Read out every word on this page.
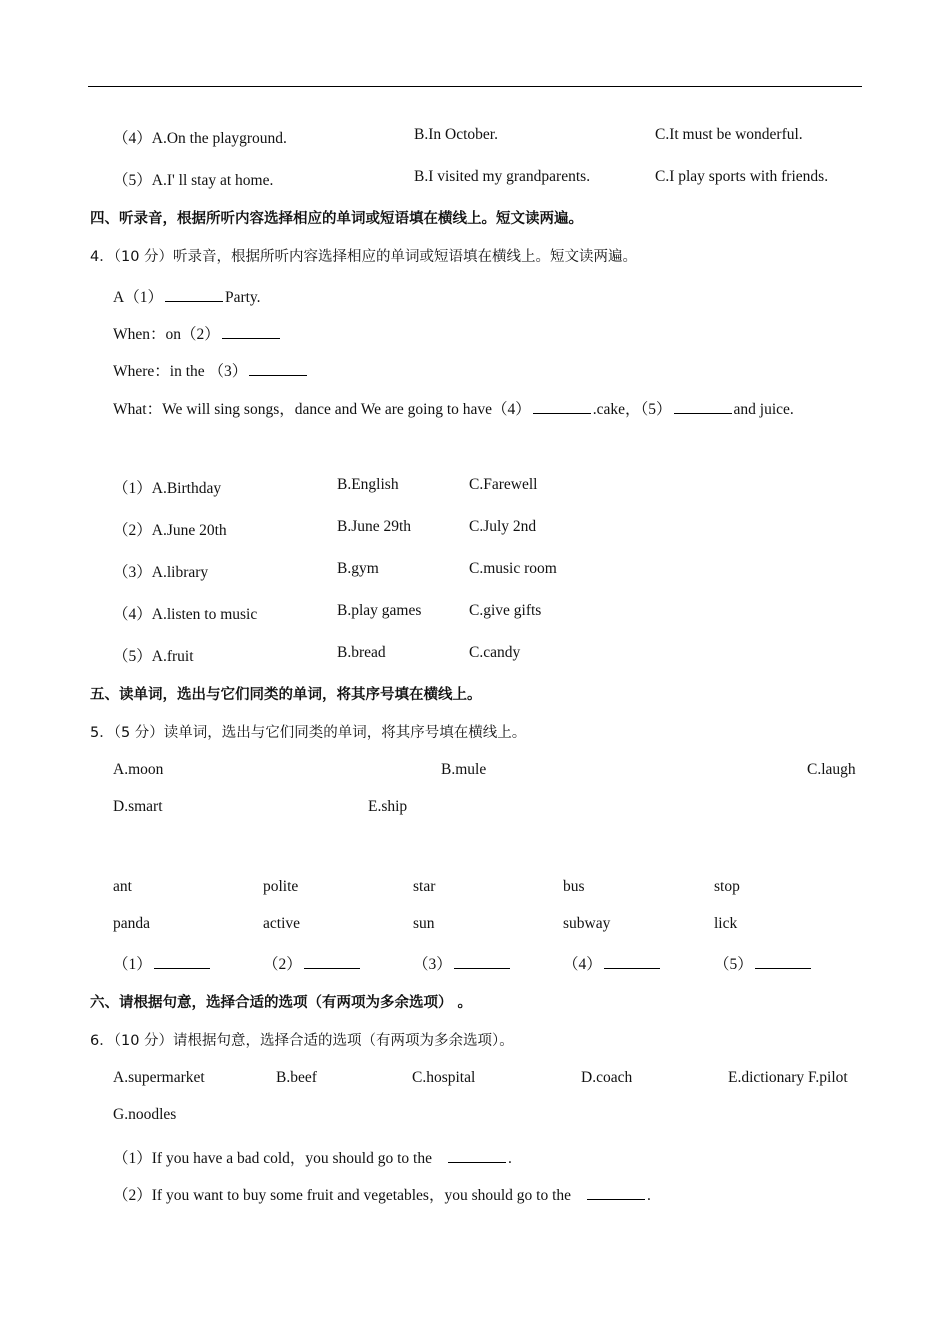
（4）A.On the playground.	B.In October.	C.It must be wonderful.
（5）A.I' ll stay at home.	B.I visited my grandparents.	C.I play sports with friends.
四、听录音，根据所听内容选择相应的单词或短语填在横线上。短文读两遍。
4．（10 分）听录音，根据所听内容选择相应的单词或短语填在横线上。短文读两遍。
A（1）	Party.
When：on（2）
Where：in the （3）
What：We will sing songs，dance and We are going to have（4）	.cake，（5）	and juice.
（1）A.Birthday	B.English	C.Farewell
（2）A.June 20th	B.June 29th	C.July 2nd
（3）A.library	B.gym	C.music room
（4）A.listen to music	B.play games	C.give gifts
（5）A.fruit	B.bread	C.candy
五、读单词，选出与它们同类的单词，将其序号填在横线上。
5．（5 分）读单词，选出与它们同类的单词，将其序号填在横线上。
A.moon	B.mule	C.laugh
D.smart	E.ship
ant	polite	star	bus	stop
panda	active	sun	subway	lick
（1）	（2）	（3）	（4）	（5）
六、请根据句意，选择合适的选项（有两项为多余选项） 。
6．（10 分）请根据句意，选择合适的选项（有两项为多余选项）。
A.supermarket	B.beef	C.hospital	D.coach	E.dictionary F.pilot
G.noodles
（1）If you have a bad cold，you should go to the	.
（2）If you want to buy some fruit and vegetables，you should go to the	.
